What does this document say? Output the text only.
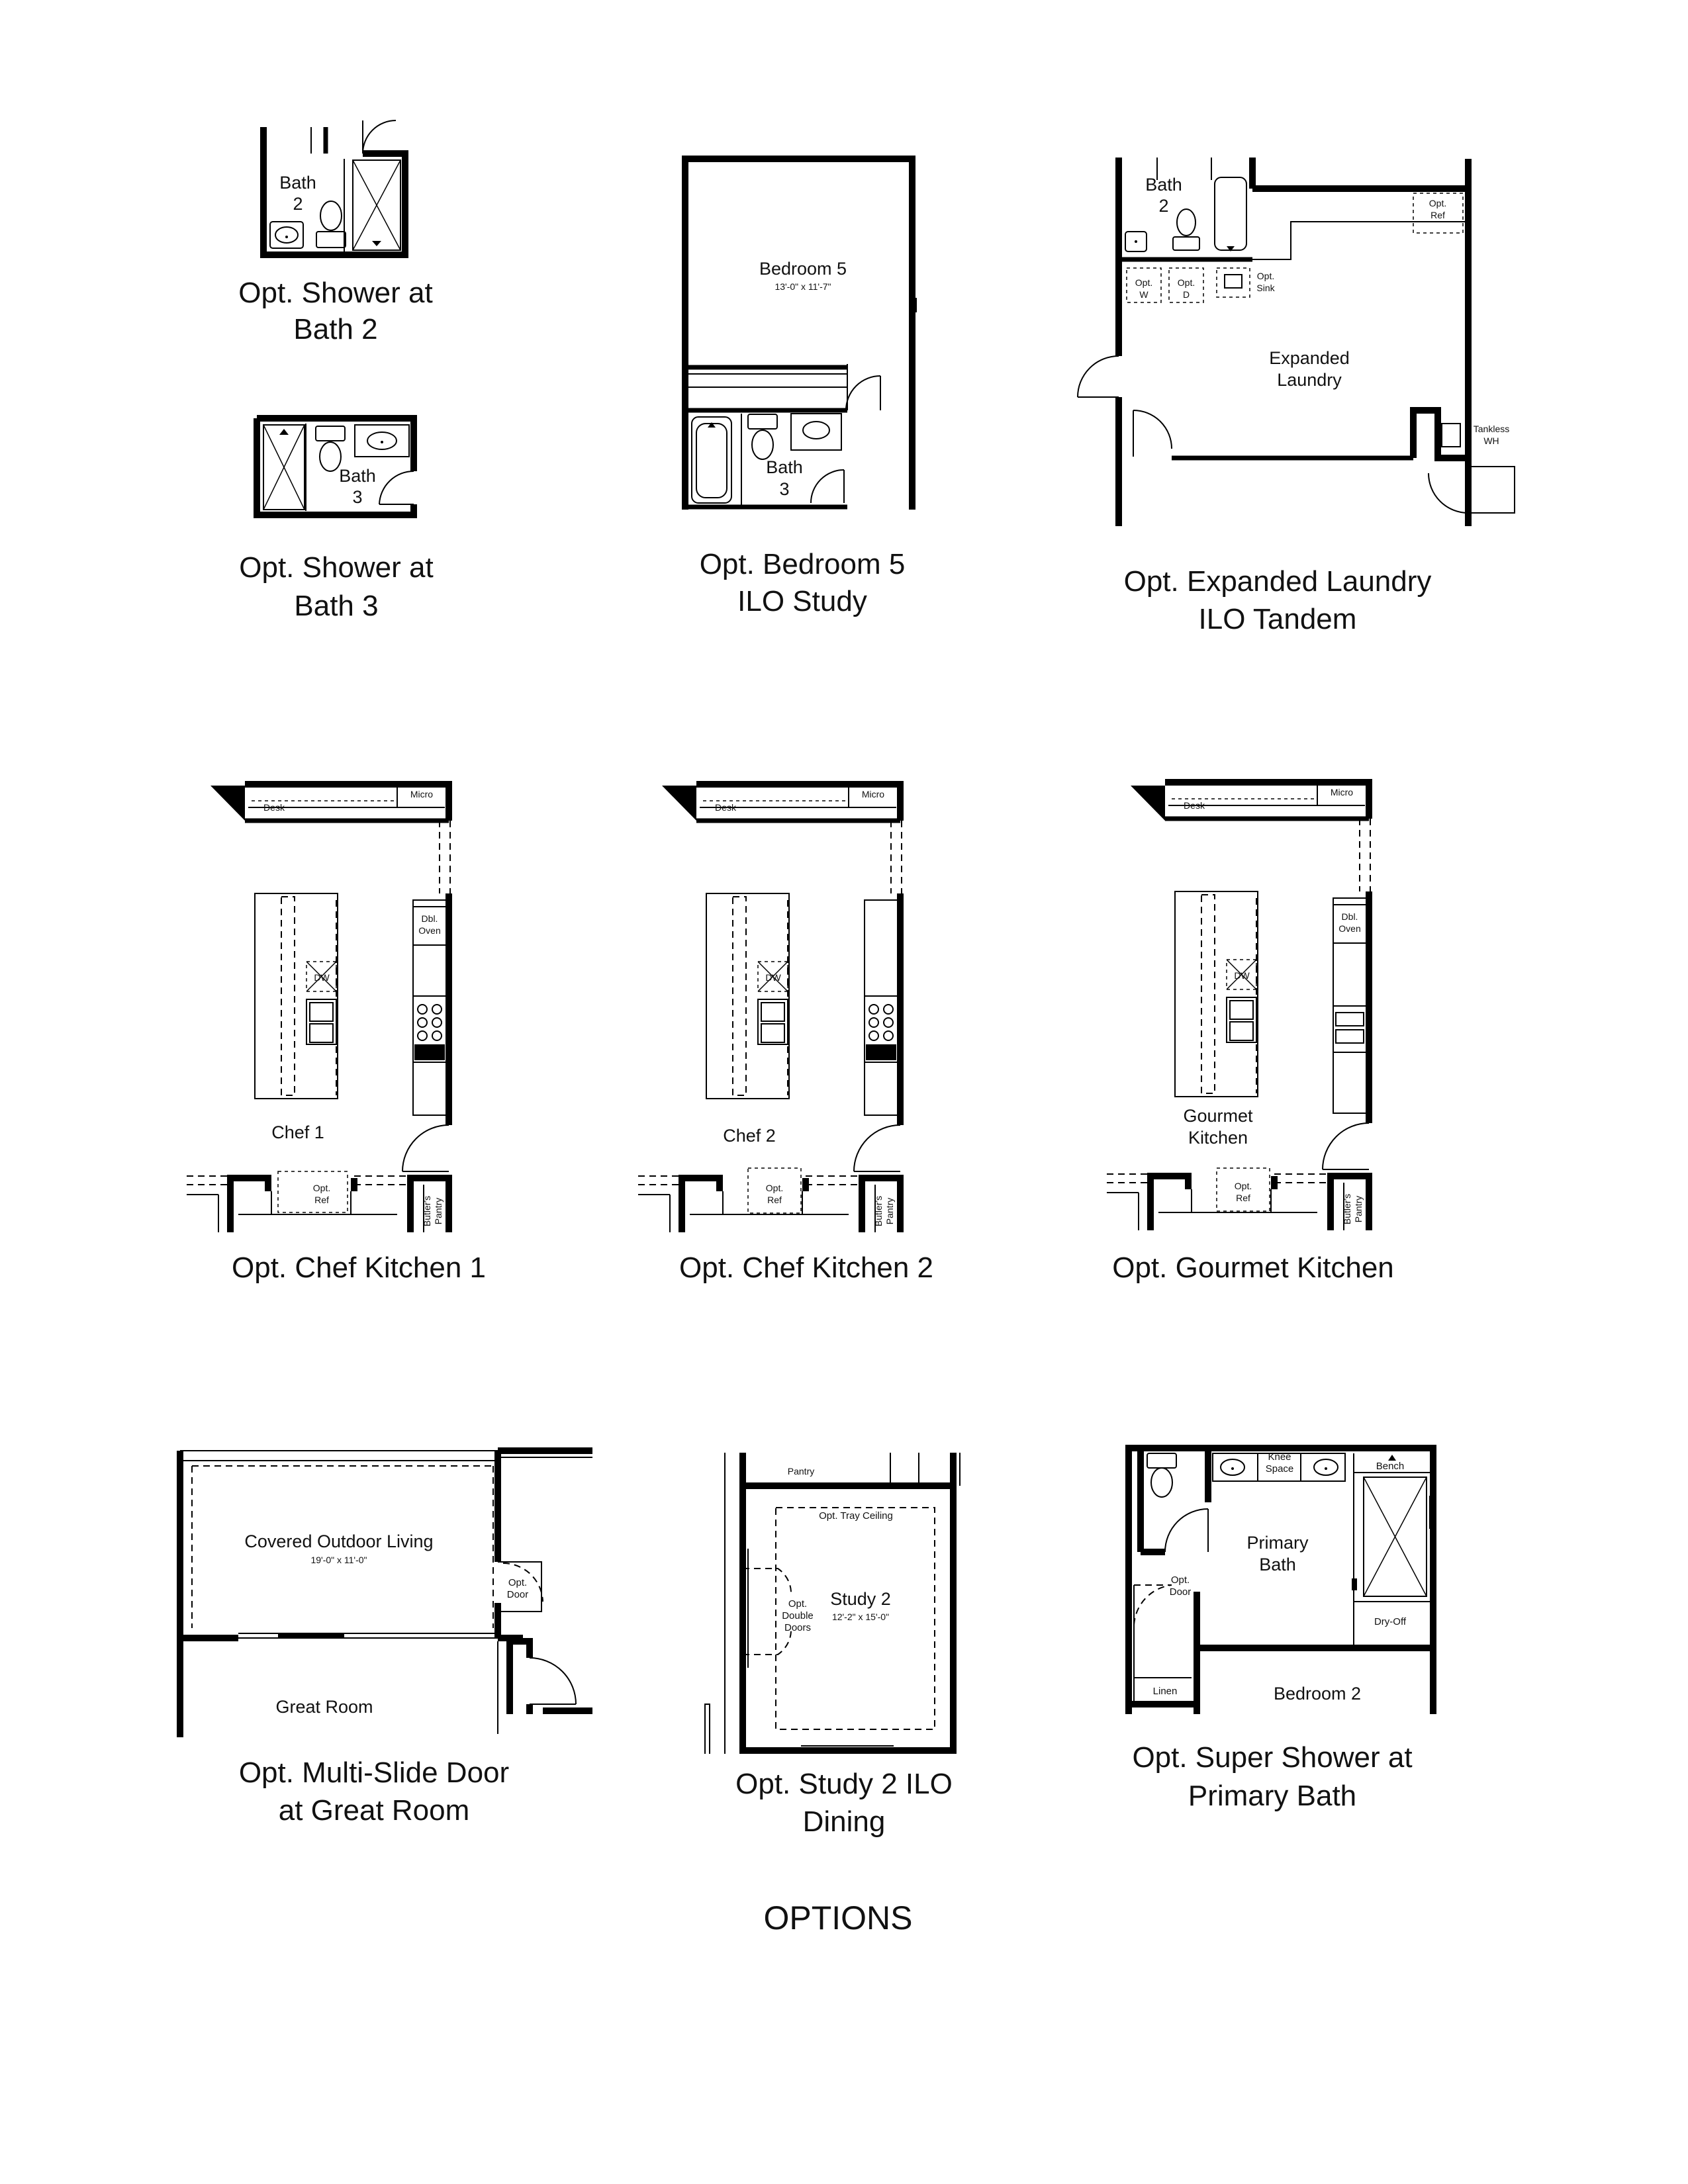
Bath
2
Opt. Shower at
Bath 2
Bath
3
Opt. Shower at
Bath 3
Bedroom 5
13'-0" x 11'-7"
Bath
3
Opt. Bedroom 5
ILO Study
Bath
2
Expanded
Laundry
Opt.
Ref
Opt.
W
Opt.
D
Opt.
Sink
Tankless
WH
Opt. Expanded Laundry
ILO Tandem
Desk
Micro
Dbl.
Oven
DW
Chef 1
Opt.
Ref	Butler's Pantry
Opt. Chef Kitchen 1
Desk
Micro
DW
Chef 2
Opt.
Ref	Butler's Pantry
Opt. Chef Kitchen 2
Desk
Micro
Dbl.
Oven
DW
Gourmet
Kitchen
Opt.
Ref	Butler's Pantry
Opt. Gourmet Kitchen
Covered Outdoor Living
19'-0" x 11'-0"
Opt.
Door
Great Room
Opt. Multi-Slide Door
at Great Room
Pantry
Opt. Tray Ceiling
Study 2
12'-2" x 15'-0"
Opt.
Double
Doors
Opt. Study 2 ILO
Dining
Knee
Space	Bench
Primary
Bath
Opt.
Door
Dry-Off
Linen	Bedroom 2
Opt. Super Shower at
Primary Bath
OPTIONS
